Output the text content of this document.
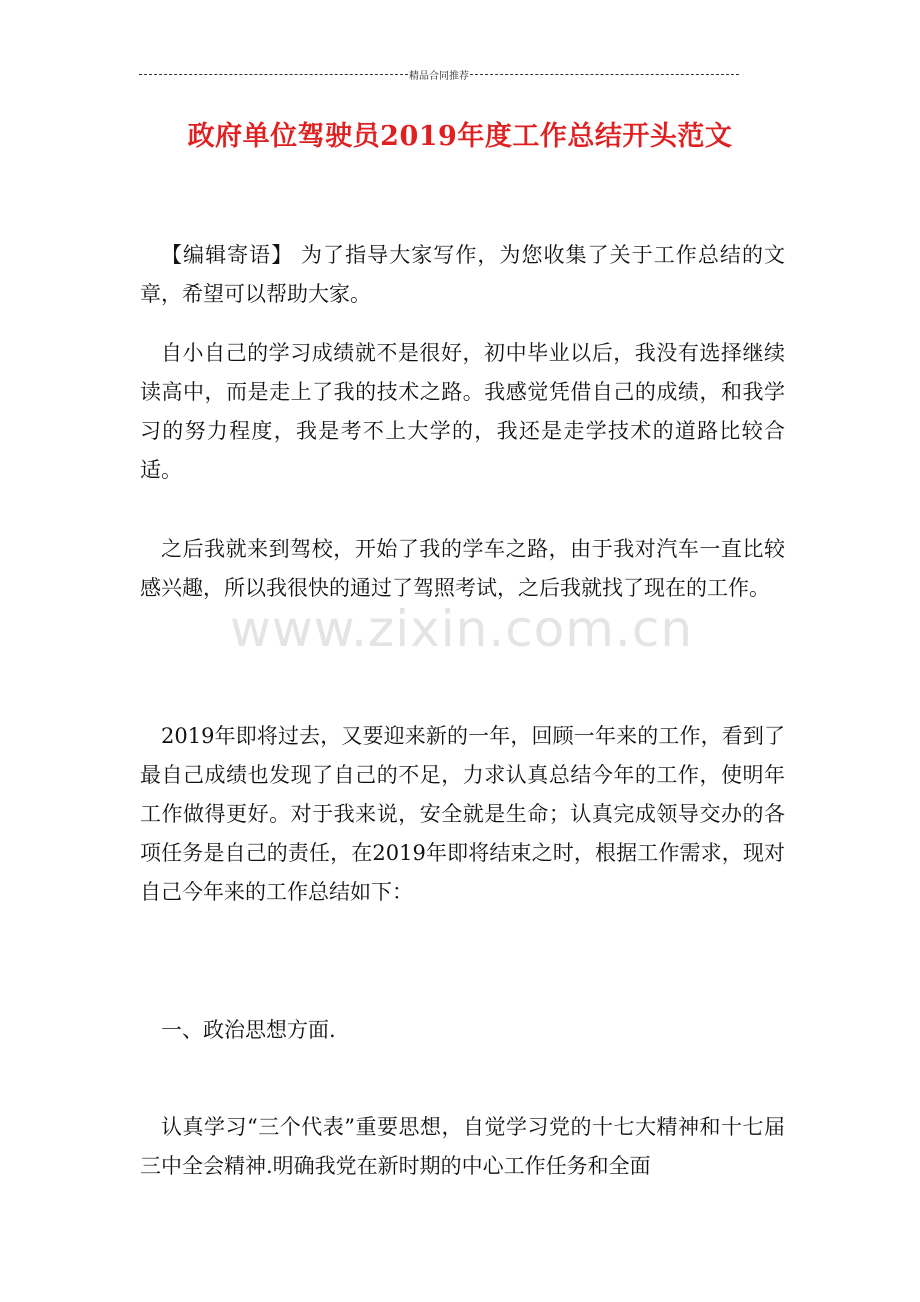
精品合同推荐
政府单位驾驶员2019年度工作总结开头范文
www.zixin.com.cn

【编辑寄语】 为了指导大家写作，为您收集了关于工作总结的文章，希望可以帮助大家。

自小自己的学习成绩就不是很好，初中毕业以后，我没有选择继续读高中，而是走上了我的技术之路。我感觉凭借自己的成绩，和我学习的努力程度，我是考不上大学的，我还是走学技术的道路比较合适。

之后我就来到驾校，开始了我的学车之路，由于我对汽车一直比较感兴趣，所以我很快的通过了驾照考试，之后我就找了现在的工作。

2019年即将过去，又要迎来新的一年，回顾一年来的工作，看到了最自己成绩也发现了自己的不足，力求认真总结今年的工作，使明年工作做得更好。对于我来说，安全就是生命；认真完成领导交办的各项任务是自己的责任，在2019年即将结束之时，根据工作需求，现对自己今年来的工作总结如下：

一、政治思想方面.

认真学习“三个代表”重要思想，自觉学习党的十七大精神和十七届三中全会精神.明确我党在新时期的中心工作任务和全面
